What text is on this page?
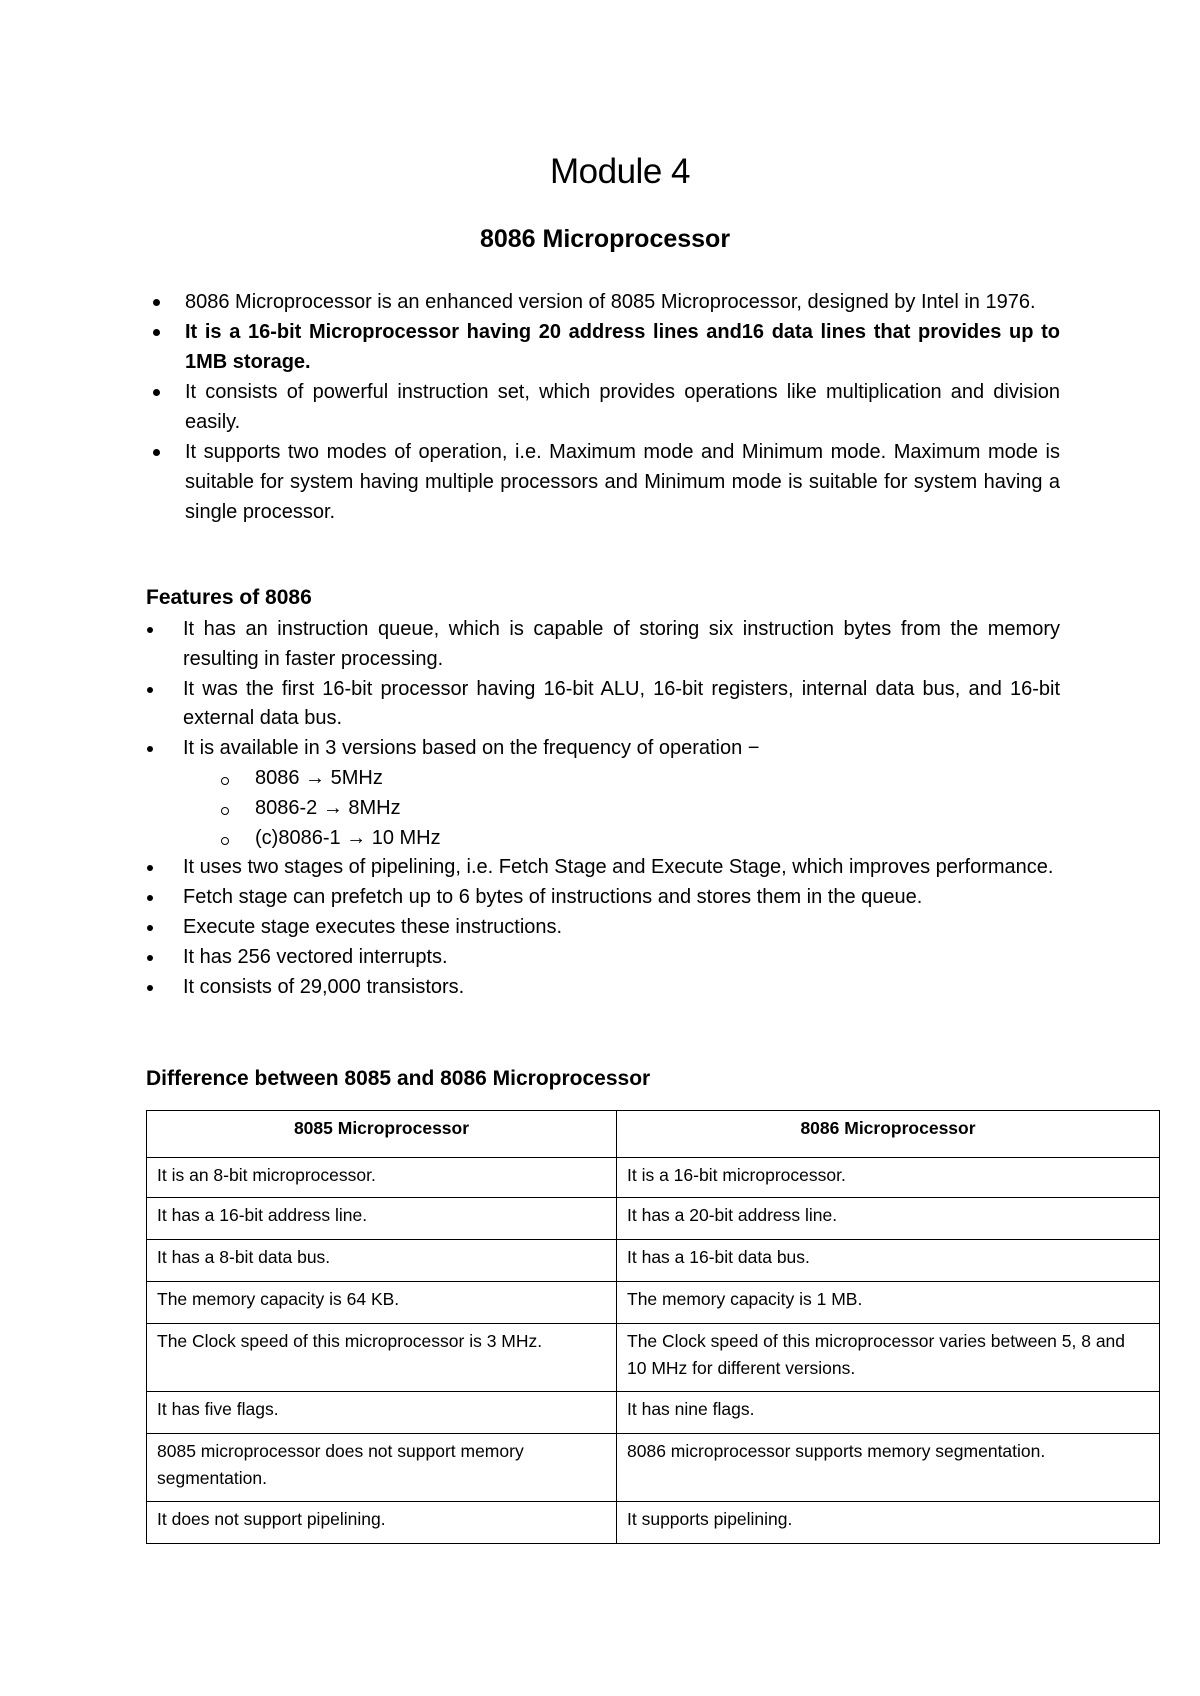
Module 4
8086 Microprocessor
8086 Microprocessor is an enhanced version of 8085 Microprocessor, designed by Intel in 1976.
It is a 16-bit Microprocessor having 20 address lines and16 data lines that provides up to 1MB storage.
It consists of powerful instruction set, which provides operations like multiplication and division easily.
It supports two modes of operation, i.e. Maximum mode and Minimum mode. Maximum mode is suitable for system having multiple processors and Minimum mode is suitable for system having a single processor.
Features of 8086
It has an instruction queue, which is capable of storing six instruction bytes from the memory resulting in faster processing.
It was the first 16-bit processor having 16-bit ALU, 16-bit registers, internal data bus, and 16-bit external data bus.
It is available in 3 versions based on the frequency of operation −
8086 → 5MHz
8086-2 → 8MHz
(c)8086-1 → 10 MHz
It uses two stages of pipelining, i.e. Fetch Stage and Execute Stage, which improves performance.
Fetch stage can prefetch up to 6 bytes of instructions and stores them in the queue.
Execute stage executes these instructions.
It has 256 vectored interrupts.
It consists of 29,000 transistors.
Difference between 8085 and 8086 Microprocessor
8085 Microprocessor	8086 Microprocessor
It is an 8-bit microprocessor.	It is a 16-bit microprocessor.
It has a 16-bit address line.	It has a 20-bit address line.
It has a 8-bit data bus.	It has a 16-bit data bus.
The memory capacity is 64 KB.	The memory capacity is 1 MB.
The Clock speed of this microprocessor is 3 MHz.	The Clock speed of this microprocessor varies between 5, 8 and 10 MHz for different versions.
It has five flags.	It has nine flags.
8085 microprocessor does not support memory segmentation.	8086 microprocessor supports memory segmentation.
It does not support pipelining.	It supports pipelining.
